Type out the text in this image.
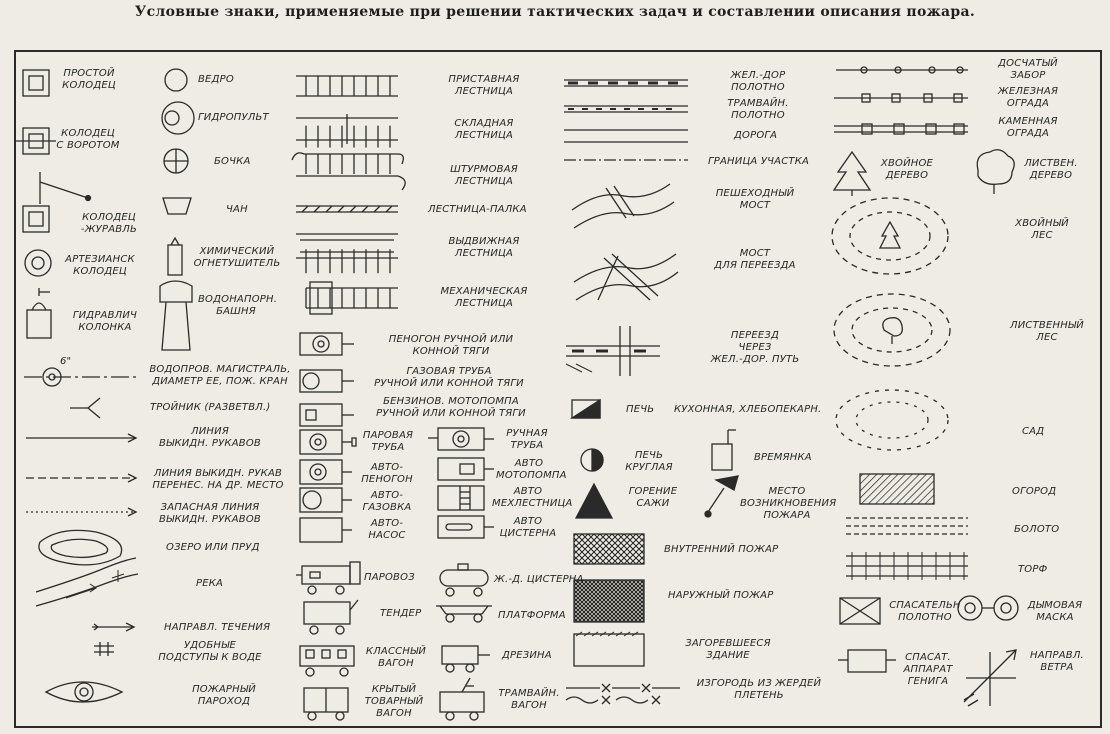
Условные знаки, применяемые при решении тактических задач и составлении описания пожара.
ПРОСТОЙ
КОЛОДЕЦ
КОЛОДЕЦ
С ВОРОТОМ
КОЛОДЕЦ
-ЖУРАВЛЬ
АРТЕЗИАНСК
КОЛОДЕЦ
ГИДРАВЛИЧ
КОЛОНКА
ВЕДРО
ГИДРОПУЛЬТ
БОЧКА
ЧАН
ХИМИЧЕСКИЙ
ОГНЕТУШИТЕЛЬ
ВОДОНАПОРН.
БАШНЯ
ВОДОПРОВ. МАГИСТРАЛЬ,
ДИАМЕТР ЕЕ, ПОЖ. КРАН
6"
ТРОЙНИК (РАЗВЕТВЛ.)
ЛИНИЯ
ВЫКИДН. РУКАВОВ
ЛИНИЯ ВЫКИДН. РУКАВ
ПЕРЕНЕС. НА ДР. МЕСТО
ЗАПАСНАЯ ЛИНИЯ
ВЫКИДН. РУКАВОВ
ОЗЕРО ИЛИ ПРУД
РЕКА
НАПРАВЛ. ТЕЧЕНИЯ
УДОБНЫЕ
ПОДСТУПЫ К ВОДЕ
ПОЖАРНЫЙ
ПАРОХОД
ПРИСТАВНАЯ
ЛЕСТНИЦА
СКЛАДНАЯ
ЛЕСТНИЦА
ШТУРМОВАЯ
ЛЕСТНИЦА
ЛЕСТНИЦА-ПАЛКА
ВЫДВИЖНАЯ
ЛЕСТНИЦА
МЕХАНИЧЕСКАЯ
ЛЕСТНИЦА
ПЕНОГОН РУЧНОЙ ИЛИ
КОННОЙ ТЯГИ
ГАЗОВАЯ ТРУБА
РУЧНОЙ ИЛИ КОННОЙ ТЯГИ
БЕНЗИНОВ. МОТОПОМПА
РУЧНОЙ ИЛИ КОННОЙ ТЯГИ
ПАРОВАЯ
ТРУБА
АВТО-
ПЕНОГОН
АВТО-
ГАЗОВКА
АВТО-
НАСОС
РУЧНАЯ
ТРУБА
АВТО
МОТОПОМПА
АВТО
МЕХЛЕСТНИЦА
АВТО
ЦИСТЕРНА
ПАРОВОЗ
ТЕНДЕР
КЛАССНЫЙ
ВАГОН
КРЫТЫЙ
ТОВАРНЫЙ
ВАГОН
Ж.-Д. ЦИСТЕРНА
ПЛАТФОРМА
ДРЕЗИНА
ТРАМВАЙН.
ВАГОН
ЖЕЛ.-ДОР
ПОЛОТНО
ТРАМВАЙН.
ПОЛОТНО
ДОРОГА
ГРАНИЦА УЧАСТКА
ПЕШЕХОДНЫЙ
МОСТ
МОСТ
ДЛЯ ПЕРЕЕЗДА
ПЕРЕЕЗД
ЧЕРЕЗ
ЖЕЛ.-ДОР. ПУТЬ
ПЕЧЬ КУХОННАЯ, ХЛЕБОПЕКАРН.
ПЕЧЬ
КРУГЛАЯ
ВРЕМЯНКА
ГОРЕНИЕ
САЖИ
МЕСТО
ВОЗНИКНОВЕНИЯ
ПОЖАРА
ВНУТРЕННИЙ ПОЖАР
НАРУЖНЫЙ ПОЖАР
ЗАГОРЕВШЕЕСЯ
ЗДАНИЕ
ИЗГОРОДЬ ИЗ ЖЕРДЕЙ
ПЛЕТЕНЬ
ДОСЧАТЫЙ
ЗАБОР
ЖЕЛЕЗНАЯ
ОГРАДА
КАМЕННАЯ
ОГРАДА
ХВОЙНОЕ
ДЕРЕВО
ЛИСТВЕН.
ДЕРЕВО
ХВОЙНЫЙ
ЛЕС
ЛИСТВЕННЫЙ
ЛЕС
САД
ОГОРОД
БОЛОТО
ТОРФ
СПАСАТЕЛЬН
ПОЛОТНО
ДЫМОВАЯ
МАСКА
СПАСАТ.
АППАРАТ
ГЕНИГА
НАПРАВЛ.
ВЕТРА
